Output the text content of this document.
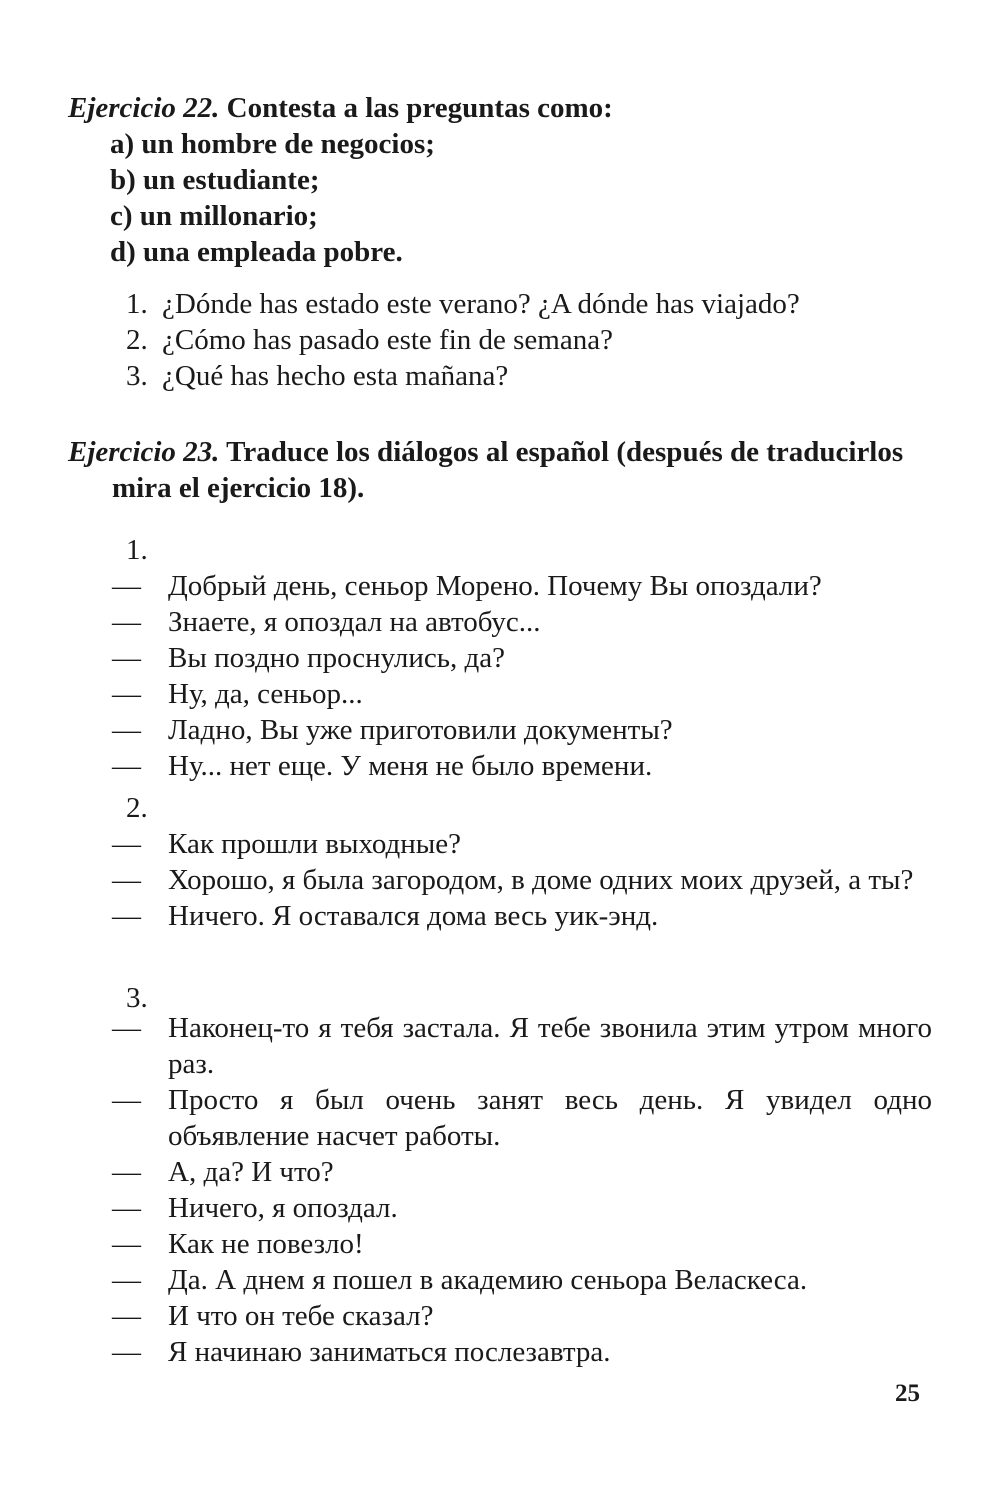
Ejercicio 22. Contesta a las preguntas como:
a) un hombre de negocios;
b) un estudiante;
c) un millonario;
d) una empleada pobre.
1. ¿Dónde has estado este verano? ¿A dónde has viajado?
2. ¿Cómo has pasado este fin de semana?
3. ¿Qué has hecho esta mañana?
Ejercicio 23. Traduce los diálogos al español (después de traducirlos
mira el ejercicio 18).
1.
— Добрый день, сеньор Морено. Почему Вы опоздали?
— Знаете, я опоздал на автобус...
— Вы поздно проснулись, да?
— Ну, да, сеньор...
— Ладно, Вы уже приготовили документы?
— Ну... нет еще. У меня не было времени.
2.
— Как прошли выходные?
— Хорошо, я была загородом, в доме одних моих друзей, а ты?
— Ничего. Я оставался дома весь уик-энд.
3.
— Наконец-то я тебя застала. Я тебе звонила этим утром много раз.
— Просто я был очень занят весь день. Я увидел одно объявление насчет работы.
— А, да? И что?
— Ничего, я опоздал.
— Как не повезло!
— Да. А днем я пошел в академию сеньора Веласкеса.
— И что он тебе сказал?
— Я начинаю заниматься послезавтра.
25
